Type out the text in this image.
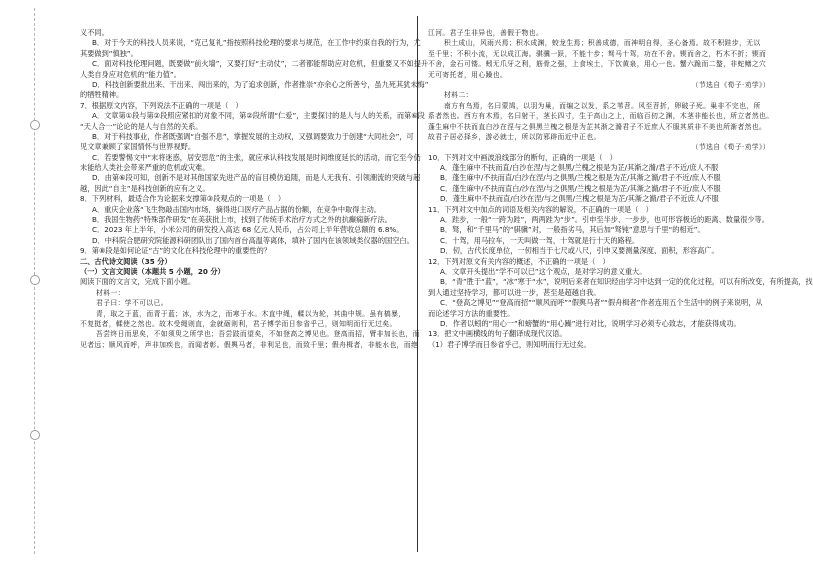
义不同。
B．对于今天的科技人员来说，“克己复礼”指按照科技伦理的要求与规范，在工作中约束自我的行为，尤
其要做到“慎独”。
C．面对科技伦理问题，既要做“前火墙”，又要打好“主动仗”，二者都能帮助应对危机，但重要又不如提升
人类自身应对危机的“能力值”。
D．科技创新要批出来、干出来、闯出来的，为了追求创新，作者推崇“亦余心之所善兮，虽九死其犹未悔”
的牺牲精神。
7．根据原文内容，下列说法不正确的一项是（　）
A．文章第①段与第②段照应紧扣的对象不同，第②段所谓“仁爱”，主要探讨的是人与人的关系，而第⑥段
“天人合一”论论的是人与自然的关系。
B．对于科技事业，作者既强调“自强不息”，掌握发展的主动权，又强调要致力于创建“大同社会”，可
见文章兼顾了家国情怀与世界视野。
C．若要警惕文中“末将迷惑，居安思危”的主张，就应承认科技发展是时间维度延长的活动，而它至今仍
未能给人类社会带来严重的危机或灾难。
D．由第⑥段可知，创新不是对其他国家先进产品的盲目模仿追随，而是人无我有、引领潮流的突破与超
越，因此“自主”是科技创新的应有之义。
8．下列材料，最适合作为论据来支撑第③段观点的一项是（　）
A．重庆企业落“飞生物敲击国内市场，摘得进口医疗产品占据的份额，在竞争中取得主动。
B．我国生物药“特殊部件研发”在美获批上市，找到了传统手术治疗方式之外的抗癫痫新疗法。
C．2023 年上半年，小米公司的研发投入高达 68 亿元人民币，占公司上半年营收总额的 6.8%。
D．中科院合肥研究院能源科研团队出了国内首台高温等离体，填补了国内在该领域类仪器的国空白。
9．第⑧段是如何论证“古”的文化在科技伦理中的重要性的？
二、古代诗文阅读（35 分）
（一）文言文阅读（本题共 5 小题，20 分）
阅读下面的文言文，完成下面小题。
材料一：
君子曰：学不可以已。
青，取之于蓝，而青于蓝；冰，水为之，而寒于水。木直中绳，輮以为轮，其曲中规。虽有槁暴，
不复挺者，輮使之然也。故木受绳则直，金就砺则利，君子博学而日参省乎己，则知明而行无过矣。
吾尝终日而思矣，不如须臾之所学也；吾尝跂而望矣，不如登高之博见也。登高而招，臂非加长也，而
见者远；顺风而呼，声非加疾也，而闻者彰。假舆马者，非利足也，而致千里；假舟楫者，非能水也，而绝
江河。君子生非异也，善假于物也。
积土成山，风雨兴焉；积水成渊，蛟龙生焉；积善成德，而神明自得，圣心备焉。故不积跬步，无以
至千里；不积小流，无以成江海。骐骥一跃，不能十步；驽马十驾，功在不舍。锲而舍之，朽木不折；锲而
不舍，金石可镂。蚓无爪牙之利，筋骨之强，上食埃土，下饮黄泉，用心一也。蟹六跪而二螯，非蛇鳝之穴
无可寄托者，用心躁也。
（节选自《荀子·劝学》）
材料二：
南方有鸟焉，名曰蒙鸠，以羽为巢，而编之以发，系之苇苕。风至苕折，卵破子死。巢非不完也，所
系者然也。西方有木焉，名曰射干，茎长四寸，生于高山之上，而临百仞之渊，木茎非能长也，所立者然也。
蓬生麻中不扶而直白沙在涅与之俱黑兰槐之根是为芷其渐之滫君子不近庶人不服其质非不美也所渐者然也。
故君子居必择乡，游必就士，所以防邪辟而近中正也。
（节选自《荀子·劝学》）
10．下列对文中画波浪线部分的断句，正确的一项是（　）
A．蓬生麻中不扶而直/白沙在涅/与之俱黑/兰槐之根是为芷/其渐之滫/君子不近/庶人不服
B．蓬生麻中/不扶而直/白沙在涅/与之俱黑/兰槐之根是为芷/其渐之滫/君子不近/庶人不服
C．蓬生麻中/不扶而直白/沙在涅/与之俱黑/兰槐之根是为芷/其渐之滫/君子不近/庶人不服
D．蓬生麻中不扶而直/白沙在涅/与之俱黑/兰槐之根是为芷/其渐之滫/君子不近庶人/不服
11．下列对文中加点的词语及相关内容的解说，不正确的一项是（　）
A．跬步，一般“一跨为跬”，两两跬为“步”。引申至半步、一步步，也可形容极近的距离、数量很少等。
B．驽，和“千里马”的“骐骥”对，一般指劣马，其后加“驽钝”意思与千里“的相近”。
C．十驾，用马拉车，一天叫做一驾，十驾就是行十天的路程。
D．仞，古代长度单位，一仞相当于七尺或八尺，引申又要测量深度、面积，形容高广。
12．下列对原文有关内容的概述，不正确的一项是（　）
A．文章开头提出“学不可以已”这个观点，是对学习的意义重大。
B．“青”胜于“蓝”，“冰”寒于“水”，说明后来者在知识经由学习中达到一定的优化过程，可以有所改变，有所提高，找
到人通过坚持学习，都可以进一步，甚至是超越自我。
C．“登高之博见”“登高而招”“顺风而呼”“假舆马者”“假舟楫者”作者连用五个生活中的例子来说明，从
而论述学习方法的重要性。
D．作者以蚓的“用心一”和螃蟹的“用心躁”进行对比，说明学习必须专心致志，才能获得成功。
13．把文中画横线的句子翻译成现代汉语。
（1）君子博学而日参省乎己，则知明而行无过矣。
